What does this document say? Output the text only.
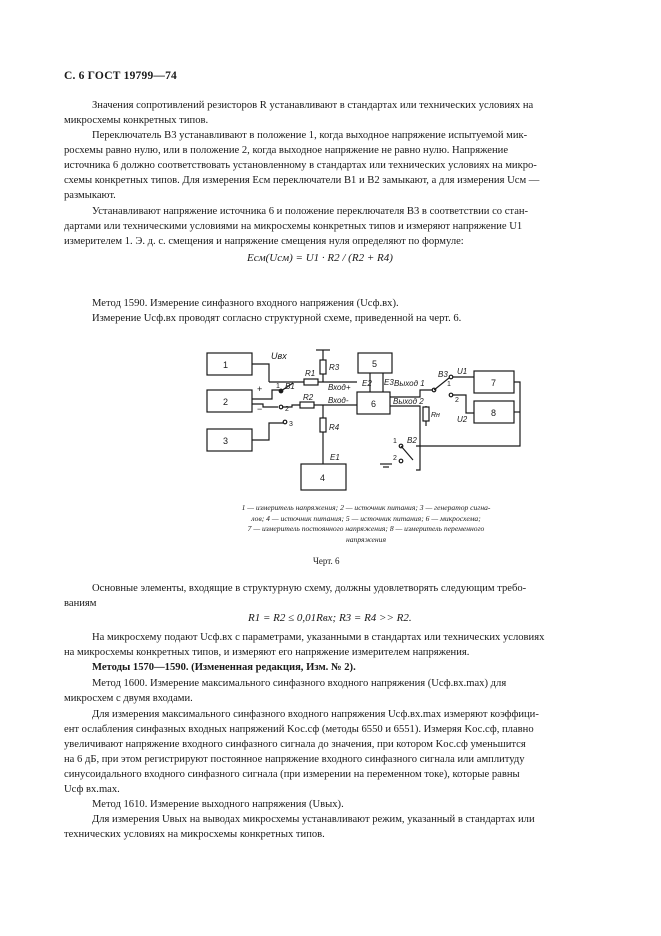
С. 6 ГОСТ 19799—74
Значения сопротивлений резисторов R устанавливают в стандартах или технических условиях на
микросхемы конкретных типов.
Переключатель B3 устанавливают в положение 1, когда выходное напряжение испытуемой мик-
росхемы равно нулю, или в положение 2, когда выходное напряжение не равно нулю. Напряжение
источника 6 должно соответствовать установленному в стандартах или технических условиях на микро-
схемы конкретных типов. Для измерения Eсм переключатели B1 и B2 замыкают, а для измерения Uсм —
размыкают.
Устанавливают напряжение источника 6 и положение переключателя B3 в соответствии со стан-
дартами или техническими условиями на микросхемы конкретных типов и измеряют напряжение U1
измерителем 1. Э. д. с. смещения и напряжение смещения нуля определяют по формуле:
Eсм(Uсм) = U1 · R2 / (R2 + R4)
Метод 1590. Измерение синфазного входного напряжения (Uсф.вх).
Измерение Uсф.вх проводят согласно структурной схеме, приведенной на черт. 6.
1
2
3
4
5
6
7
8
Uвх
R1
R2
R3
R4
Rн
Вход+
Вход-
Выход 1
Выход 2
E1
E2 E3
В1
В2
В3 U1
U2
+
−
1
2
3
1
2
1
2
1 — измеритель напряжения; 2 — источник питания; 3 — генератор сигна-
лов; 4 — источник питания; 5 — источник питания; 6 — микросхема;
7 — измеритель постоянного напряжения; 8 — измеритель переменного
напряжения
Черт. 6
Основные элементы, входящие в структурную схему, должны удовлетворять следующим требо-
ваниям
R1 = R2 ≤ 0,01Rвх; R3 = R4 >> R2.
На микросхему подают Uсф.вх с параметрами, указанными в стандартах или технических условиях
на микросхемы конкретных типов, и измеряют его напряжение измерителем напряжения.
Методы 1570—1590. (Измененная редакция, Изм. № 2).
Метод 1600. Измерение максимального синфазного входного напряжения (Uсф.вх.max) для
микросхем с двумя входами.
Для измерения максимального синфазного входного напряжения Uсф.вх.max измеряют коэффици-
ент ослабления синфазных входных напряжений Kос.сф (методы 6550 и 6551). Измеряя Kос.сф, плавно
увеличивают напряжение входного синфазного сигнала до значения, при котором Kос.сф уменьшится
на 6 дБ, при этом регистрируют постоянное напряжение входного синфазного сигнала или амплитуду
синусоидального входного синфазного сигнала (при измерении на переменном токе), которые равны
Uсф вх.max.
Метод 1610. Измерение выходного напряжения (Uвых).
Для измерения Uвых на выводах микросхемы устанавливают режим, указанный в стандартах или
технических условиях на микросхемы конкретных типов.
